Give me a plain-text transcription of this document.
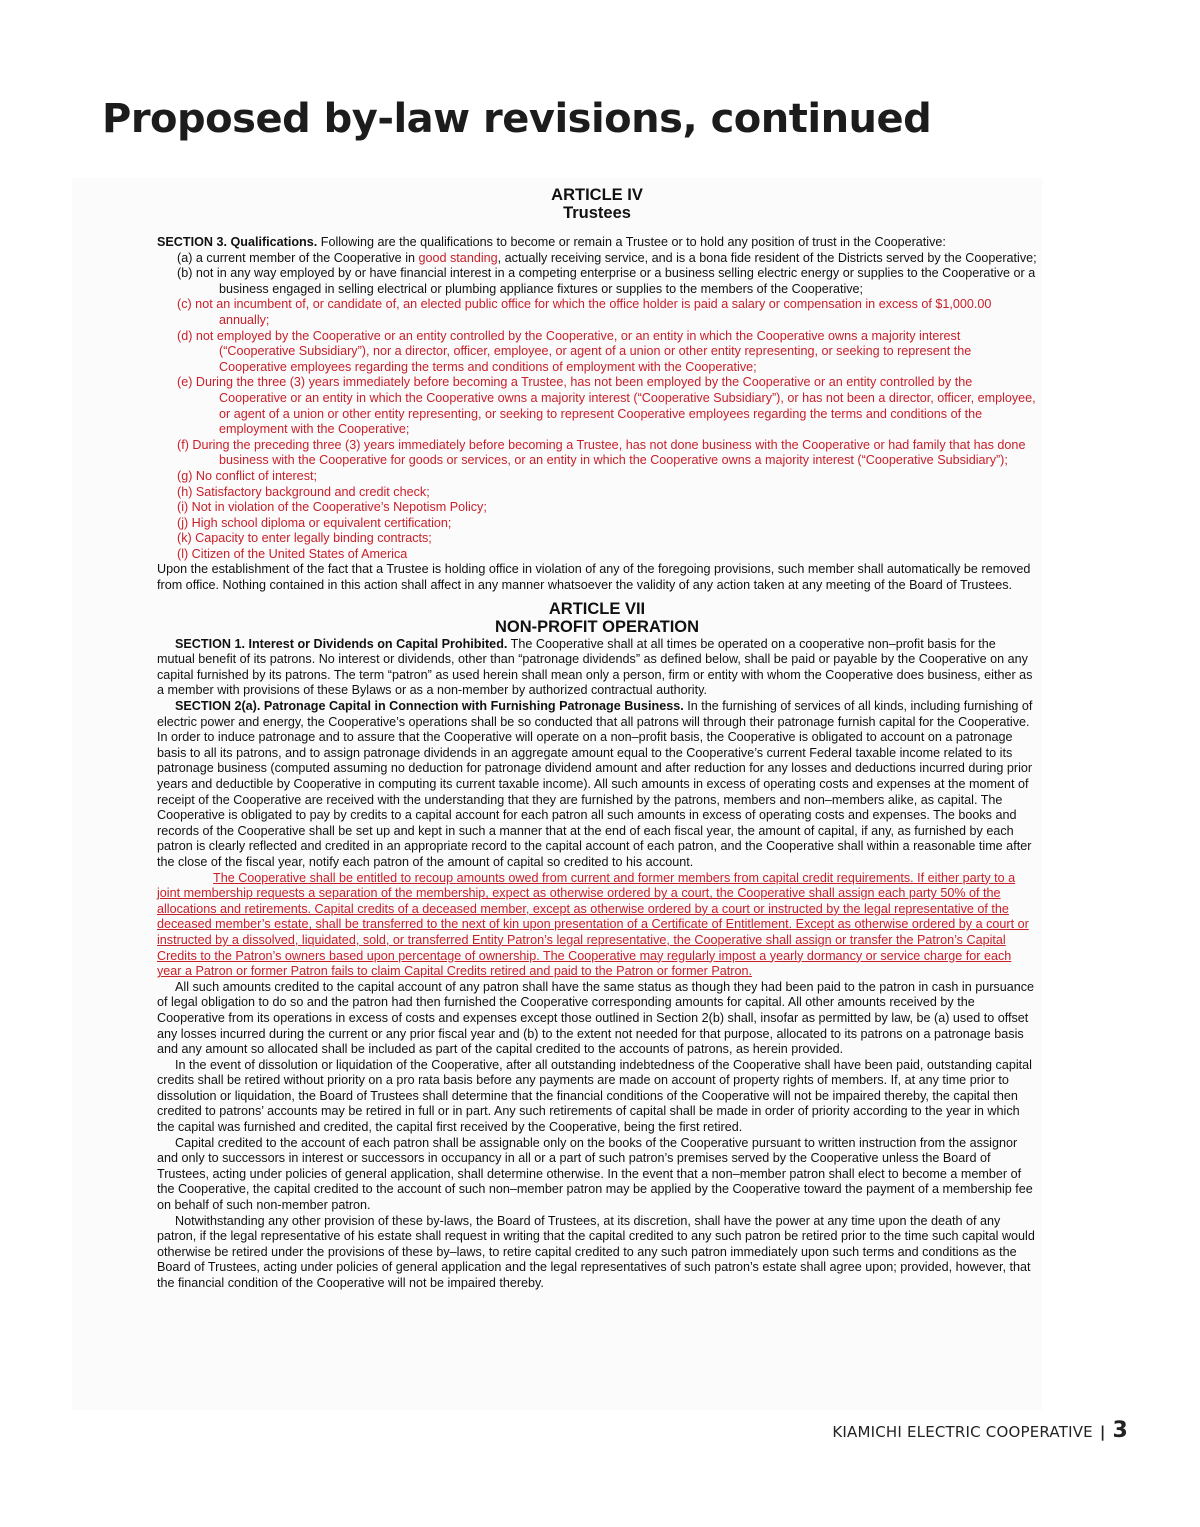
Proposed by-law revisions, continued
ARTICLE IV
Trustees

SECTION 3. Qualifications. Following are the qualifications to become or remain a Trustee or to hold any position of trust in the Cooperative:

(a) a current member of the Cooperative in good standing, actually receiving service, and is a bona fide resident of the Districts served by the Cooperative;

(b) not in any way employed by or have financial interest in a competing enterprise or a business selling electric energy or supplies to the Cooperative or a business engaged in selling electrical or plumbing appliance fixtures or supplies to the members of the Cooperative;

(c) not an incumbent of, or candidate of, an elected public office for which the office holder is paid a salary or compensation in excess of $1,000.00 annually;

(d) not employed by the Cooperative or an entity controlled by the Cooperative, or an entity in which the Cooperative owns a majority interest (“Cooperative Subsidiary”), nor a director, officer, employee, or agent of a union or other entity representing, or seeking to represent the Cooperative employees regarding the terms and conditions of employment with the Cooperative;

(e) During the three (3) years immediately before becoming a Trustee, has not been employed by the Cooperative or an entity controlled by the Cooperative or an entity in which the Cooperative owns a majority interest (“Cooperative Subsidiary”), or has not been a director, officer, employee, or agent of a union or other entity representing, or seeking to represent Cooperative employees regarding the terms and conditions of the employment with the Cooperative;

(f) During the preceding three (3) years immediately before becoming a Trustee, has not done business with the Cooperative or had family that has done business with the Cooperative for goods or services, or an entity in which the Cooperative owns a majority interest (“Cooperative Subsidiary”);

(g) No conflict of interest;

(h) Satisfactory background and credit check;

(i) Not in violation of the Cooperative’s Nepotism Policy;

(j) High school diploma or equivalent certification;

(k) Capacity to enter legally binding contracts;

(l) Citizen of the United States of America

Upon the establishment of the fact that a Trustee is holding office in violation of any of the foregoing provisions, such member shall automatically be removed from office. Nothing contained in this action shall affect in any manner whatsoever the validity of any action taken at any meeting of the Board of Trustees.

ARTICLE VII
NON-PROFIT OPERATION

SECTION 1. Interest or Dividends on Capital Prohibited. The Cooperative shall at all times be operated on a cooperative non–profit basis for the mutual benefit of its patrons. No interest or dividends, other than “patronage dividends” as defined below, shall be paid or payable by the Cooperative on any capital furnished by its patrons. The term “patron” as used herein shall mean only a person, firm or entity with whom the Cooperative does business, either as a member with provisions of these Bylaws or as a non-member by authorized contractual authority.

SECTION 2(a). Patronage Capital in Connection with Furnishing Patronage Business. In the furnishing of services of all kinds, including furnishing of electric power and energy, the Cooperative’s operations shall be so conducted that all patrons will through their patronage furnish capital for the Cooperative. In order to induce patronage and to assure that the Cooperative will operate on a non–profit basis, the Cooperative is obligated to account on a patronage basis to all its patrons, and to assign patronage dividends in an aggregate amount equal to the Cooperative’s current Federal taxable income related to its patronage business (computed assuming no deduction for patronage dividend amount and after reduction for any losses and deductions incurred during prior years and deductible by Cooperative in computing its current taxable income). All such amounts in excess of operating costs and expenses at the moment of receipt of the Cooperative are received with the understanding that they are furnished by the patrons, members and non–members alike, as capital. The Cooperative is obligated to pay by credits to a capital account for each patron all such amounts in excess of operating costs and expenses. The books and records of the Cooperative shall be set up and kept in such a manner that at the end of each fiscal year, the amount of capital, if any, as furnished by each patron is clearly reflected and credited in an appropriate record to the capital account of each patron, and the Cooperative shall within a reasonable time after the close of the fiscal year, notify each patron of the amount of capital so credited to his account.

The Cooperative shall be entitled to recoup amounts owed from current and former members from capital credit requirements. If either party to a joint membership requests a separation of the membership, expect as otherwise ordered by a court, the Cooperative shall assign each party 50% of the allocations and retirements. Capital credits of a deceased member, except as otherwise ordered by a court or instructed by the legal representative of the deceased member’s estate, shall be transferred to the next of kin upon presentation of a Certificate of Entitlement. Except as otherwise ordered by a court or instructed by a dissolved, liquidated, sold, or transferred Entity Patron’s legal representative, the Cooperative shall assign or transfer the Patron’s Capital Credits to the Patron’s owners based upon percentage of ownership. The Cooperative may regularly impost a yearly dormancy or service charge for each year a Patron or former Patron fails to claim Capital Credits retired and paid to the Patron or former Patron.

All such amounts credited to the capital account of any patron shall have the same status as though they had been paid to the patron in cash in pursuance of legal obligation to do so and the patron had then furnished the Cooperative corresponding amounts for capital. All other amounts received by the Cooperative from its operations in excess of costs and expenses except those outlined in Section 2(b) shall, insofar as permitted by law, be (a) used to offset any losses incurred during the current or any prior fiscal year and (b) to the extent not needed for that purpose, allocated to its patrons on a patronage basis and any amount so allocated shall be included as part of the capital credited to the accounts of patrons, as herein provided.

In the event of dissolution or liquidation of the Cooperative, after all outstanding indebtedness of the Cooperative shall have been paid, outstanding capital credits shall be retired without priority on a pro rata basis before any payments are made on account of property rights of members. If, at any time prior to dissolution or liquidation, the Board of Trustees shall determine that the financial conditions of the Cooperative will not be impaired thereby, the capital then credited to patrons’ accounts may be retired in full or in part. Any such retirements of capital shall be made in order of priority according to the year in which the capital was furnished and credited, the capital first received by the Cooperative, being the first retired.

Capital credited to the account of each patron shall be assignable only on the books of the Cooperative pursuant to written instruction from the assignor and only to successors in interest or successors in occupancy in all or a part of such patron’s premises served by the Cooperative unless the Board of Trustees, acting under policies of general application, shall determine otherwise. In the event that a non–member patron shall elect to become a member of the Cooperative, the capital credited to the account of such non–member patron may be applied by the Cooperative toward the payment of a membership fee on behalf of such non-member patron.

Notwithstanding any other provision of these by-laws, the Board of Trustees, at its discretion, shall have the power at any time upon the death of any patron, if the legal representative of his estate shall request in writing that the capital credited to any such patron be retired prior to the time such capital would otherwise be retired under the provisions of these by–laws, to retire capital credited to any such patron immediately upon such terms and conditions as the Board of Trustees, acting under policies of general application and the legal representatives of such patron’s estate shall agree upon; provided, however, that the financial condition of the Cooperative will not be impaired thereby.

KIAMICHI ELECTRIC COOPERATIVE | 3
